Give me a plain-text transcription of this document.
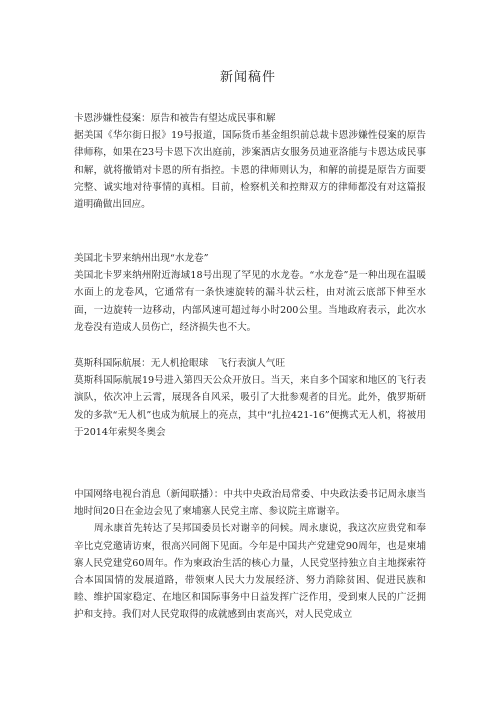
新闻稿件

卡恩涉嫌性侵案：原告和被告有望达成民事和解

据美国《华尔街日报》19号报道，国际货币基金组织前总裁卡恩涉嫌性侵案的原告律师称，如果在23号卡恩下次出庭前，涉案酒店女服务员迪亚洛能与卡恩达成民事和解，就将撤销对卡恩的所有指控。卡恩的律师则认为，和解的前提是原告方面要完整、诚实地对待事情的真相。目前，检察机关和控辩双方的律师都没有对这篇报道明确做出回应。

美国北卡罗来纳州出现“水龙卷”

美国北卡罗来纳州附近海域18号出现了罕见的水龙卷。“水龙卷”是一种出现在温暖水面上的龙卷风，它通常有一条快速旋转的漏斗状云柱，由对流云底部下伸至水面，一边旋转一边移动，内部风速可超过每小时200公里。当地政府表示，此次水龙卷没有造成人员伤亡，经济损失也不大。

莫斯科国际航展：无人机抢眼球　飞行表演人气旺

莫斯科国际航展19号进入第四天公众开放日。当天，来自多个国家和地区的飞行表演队，依次冲上云霄，展现各自风采，吸引了大批参观者的目光。此外，俄罗斯研发的多款“无人机”也成为航展上的亮点，其中“扎拉421-16”便携式无人机，将被用于2014年索契冬奥会

中国网络电视台消息（新闻联播）：中共中央政治局常委、中央政法委书记周永康当地时间20日在金边会见了柬埔寨人民党主席、参议院主席谢辛。

周永康首先转达了吴邦国委员长对谢辛的问候。周永康说，我这次应贵党和奉辛比克党邀请访柬，很高兴同阁下见面。今年是中国共产党建党90周年，也是柬埔寨人民党建党60周年。作为柬政治生活的核心力量，人民党坚持独立自主地探索符合本国国情的发展道路，带领柬人民大力发展经济、努力消除贫困、促进民族和睦、维护国家稳定、在地区和国际事务中日益发挥广泛作用，受到柬人民的广泛拥护和支持。我们对人民党取得的成就感到由衷高兴，对人民党成立
